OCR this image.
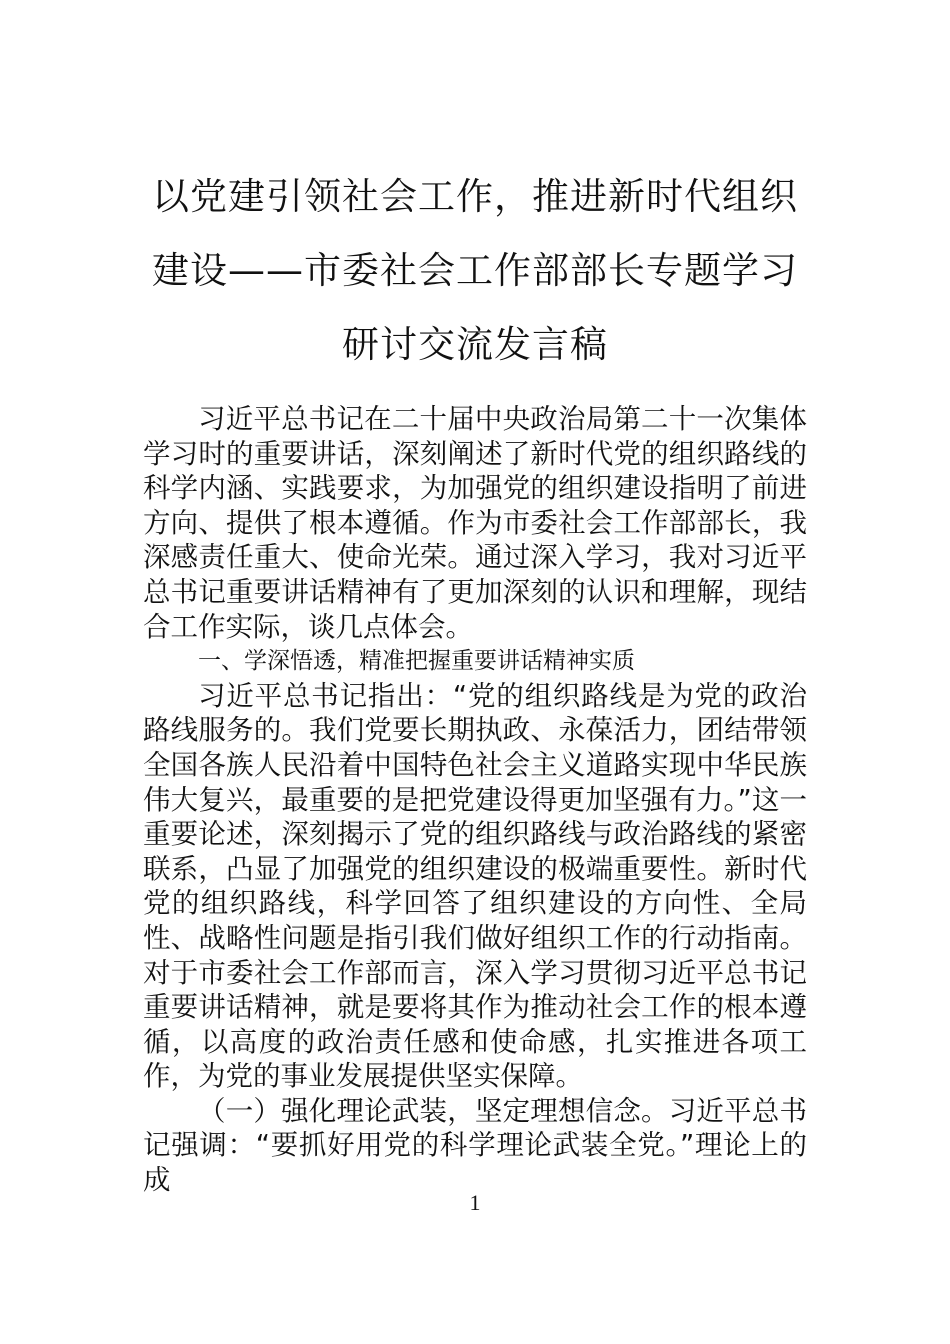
以党建引领社会工作，推进新时代组织建设——市委社会工作部部长专题学习研讨交流发言稿

习近平总书记在二十届中央政治局第二十一次集体学习时的重要讲话，深刻阐述了新时代党的组织路线的科学内涵、实践要求，为加强党的组织建设指明了前进方向、提供了根本遵循。作为市委社会工作部部长，我深感责任重大、使命光荣。通过深入学习，我对习近平总书记重要讲话精神有了更加深刻的认识和理解，现结合工作实际，谈几点体会。

一、学深悟透，精准把握重要讲话精神实质

习近平总书记指出：“党的组织路线是为党的政治路线服务的。我们党要长期执政、永葆活力，团结带领全国各族人民沿着中国特色社会主义道路实现中华民族伟大复兴，最重要的是把党建设得更加坚强有力。”这一重要论述，深刻揭示了党的组织路线与政治路线的紧密联系，凸显了加强党的组织建设的极端重要性。新时代党的组织路线，科学回答了组织建设的方向性、全局性、战略性问题是指引我们做好组织工作的行动指南。对于市委社会工作部而言，深入学习贯彻习近平总书记重要讲话精神，就是要将其作为推动社会工作的根本遵循，以高度的政治责任感和使命感，扎实推进各项工作，为党的事业发展提供坚实保障。

（一）强化理论武装，坚定理想信念。习近平总书记强调：“要抓好用党的科学理论武装全党。”理论上的成

1
